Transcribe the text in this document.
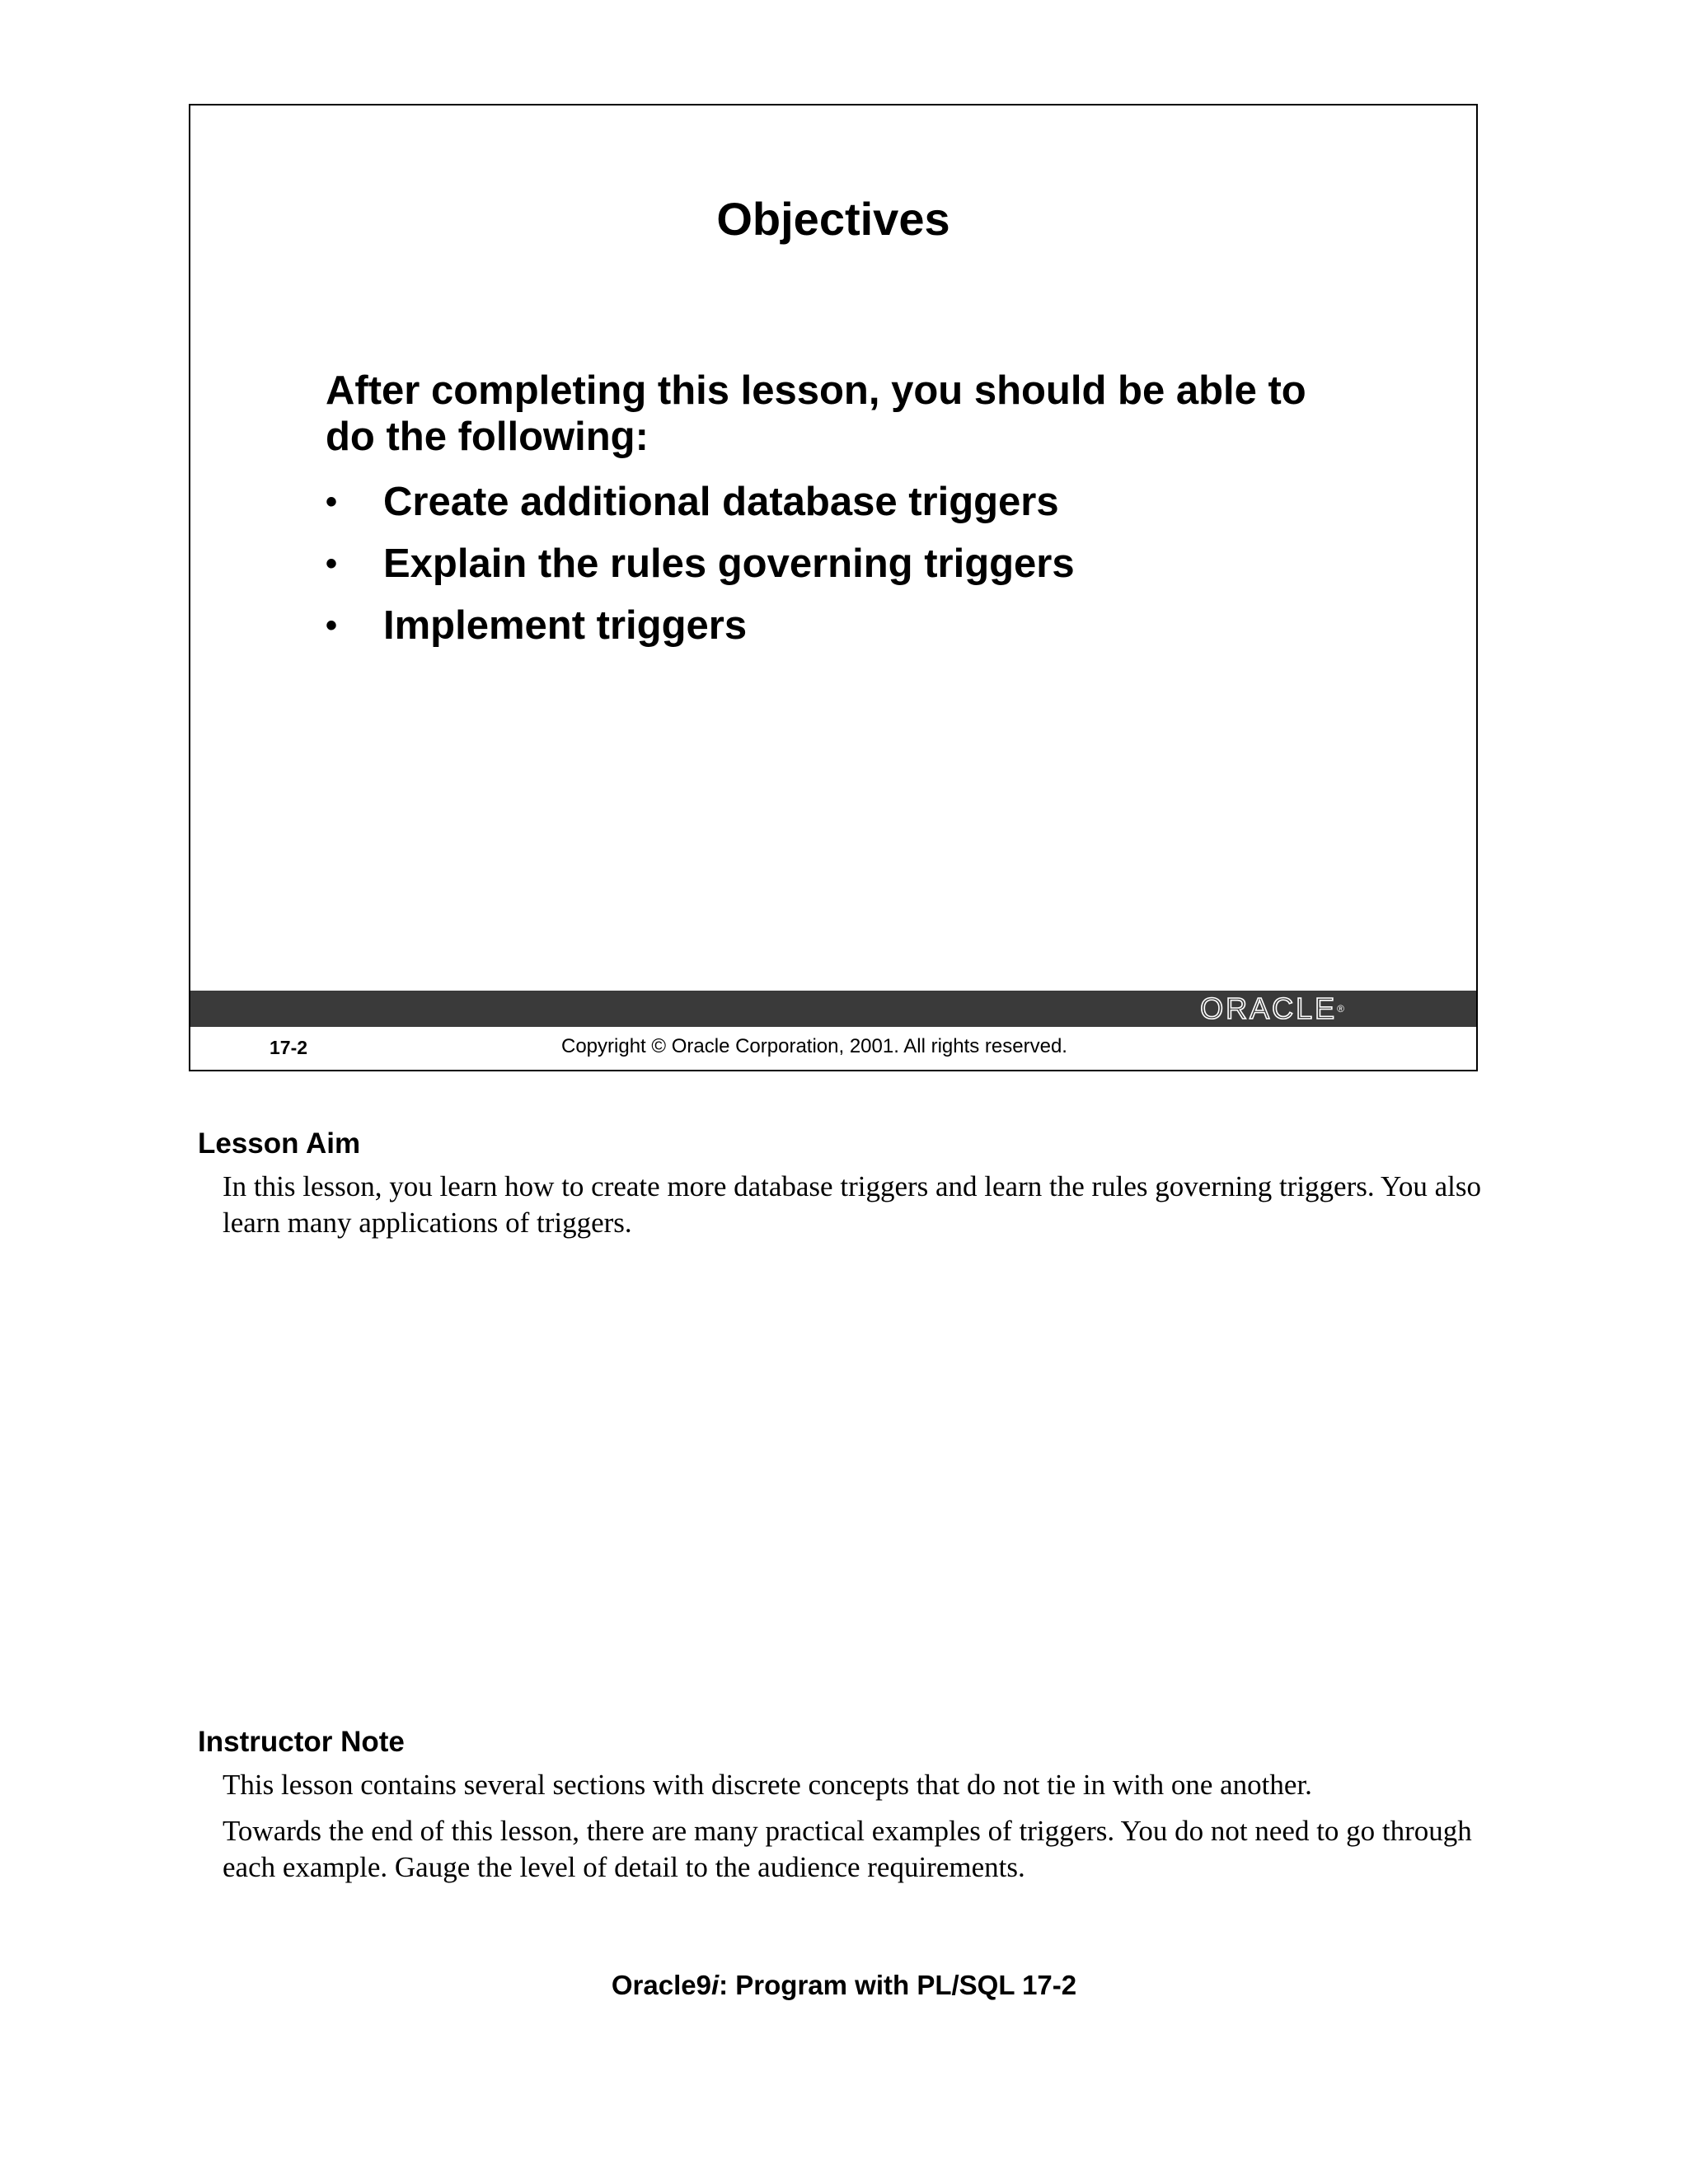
Objectives
After completing this lesson, you should be able to do the following:
• Create additional database triggers
• Explain the rules governing triggers
• Implement triggers
ORACLE®
17-2	Copyright © Oracle Corporation, 2001. All rights reserved.
Lesson Aim

In this lesson, you learn how to create more database triggers and learn the rules governing triggers. You also learn many applications of triggers.

Instructor Note

This lesson contains several sections with discrete concepts that do not tie in with one another.

Towards the end of this lesson, there are many practical examples of triggers. You do not need to go through each example. Gauge the level of detail to the audience requirements.

Oracle9i: Program with PL/SQL 17-2
